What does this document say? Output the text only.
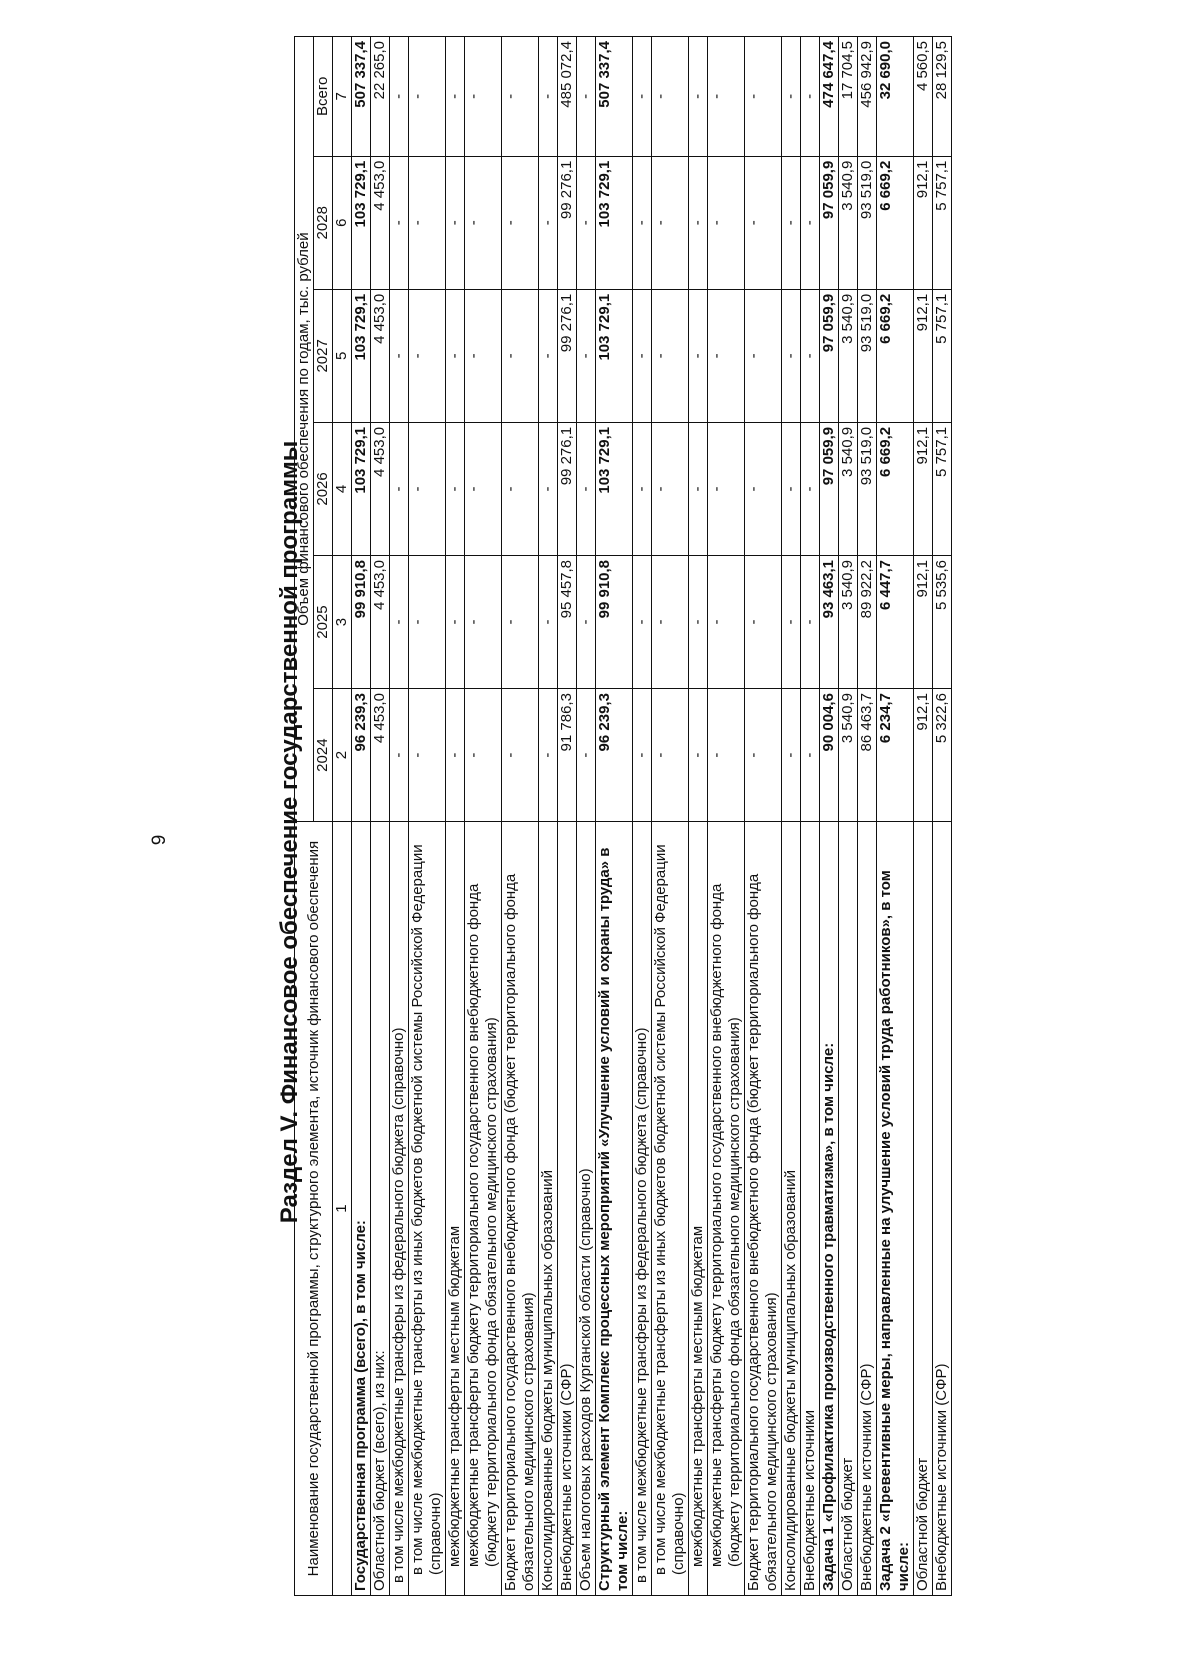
9	Раздел V. Финансовое обеспечение государственной программы Наименование государственной программы, структурного элемента, источник финансового обеспечения	Объем финансового обеспечения по годам, тыс. рублей					
	2024	2025	2026	2027	2028	Всего
1	2	3	4	5	6	7
Государственная программа (всего), в том числе:	96 239,3	99 910,8	103 729,1	103 729,1	103 729,1	507 337,4
Областной бюджет (всего), из них:	4 453,0	4 453,0	4 453,0	4 453,0	4 453,0	22 265,0
в том числе межбюджетные трансферы из федерального бюджета (справочно)	-	-	-	-	-	-
в том числе межбюджетные трансферты из иных бюджетов бюджетной системы Российской Федерации (справочно)	-	-	-	-	-	-
межбюджетные трансферты местным бюджетам	-	-	-	-	-	-
межбюджетные трансферты бюджету территориального государственного внебюджетного фонда (бюджету территориального фонда обязательного медицинского страхования)	-	-	-	-	-	-
Бюджет территориального государственного внебюджетного фонда (бюджет территориального фонда обязательного медицинского страхования)	-	-	-	-	-	-
Консолидированные бюджеты муниципальных образований	-	-	-	-	-	-
Внебюджетные источники (СФР)	91 786,3	95 457,8	99 276,1	99 276,1	99 276,1	485 072,4
Объем налоговых расходов Курганской области (справочно)	-	-	-	-	-	-
Структурный элемент Комплекс процессных мероприятий «Улучшение условий и охраны труда» в том числе:	96 239,3	99 910,8	103 729,1	103 729,1	103 729,1	507 337,4
в том числе межбюджетные трансферы из федерального бюджета (справочно)	-	-	-	-	-	-
в том числе межбюджетные трансферты из иных бюджетов бюджетной системы Российской Федерации (справочно)	-	-	-	-	-	-
межбюджетные трансферты местным бюджетам	-	-	-	-	-	-
межбюджетные трансферты бюджету территориального государственного внебюджетного фонда (бюджету территориального фонда обязательного медицинского страхования)	-	-	-	-	-	-
Бюджет территориального государственного внебюджетного фонда (бюджет территориального фонда обязательного медицинского страхования)	-	-	-	-	-	-
Консолидированные бюджеты муниципальных образований	-	-	-	-	-	-
Внебюджетные источники	-	-	-	-	-	-
Задача 1 «Профилактика производственного травматизма», в том числе:	90 004,6	93 463,1	97 059,9	97 059,9	97 059,9	474 647,4
Областной бюджет	3 540,9	3 540,9	3 540,9	3 540,9	3 540,9	17 704,5
Внебюджетные источники (СФР)	86 463,7	89 922,2	93 519,0	93 519,0	93 519,0	456 942,9
Задача 2 «Превентивные меры, направленные на улучшение условий труда работников», в том числе:	6 234,7	6 447,7	6 669,2	6 669,2	6 669,2	32 690,0
Областной бюджет	912,1	912,1	912,1	912,1	912,1	4 560,5
Внебюджетные источники (СФР)	5 322,6	5 535,6	5 757,1	5 757,1	5 757,1	28 129,5
